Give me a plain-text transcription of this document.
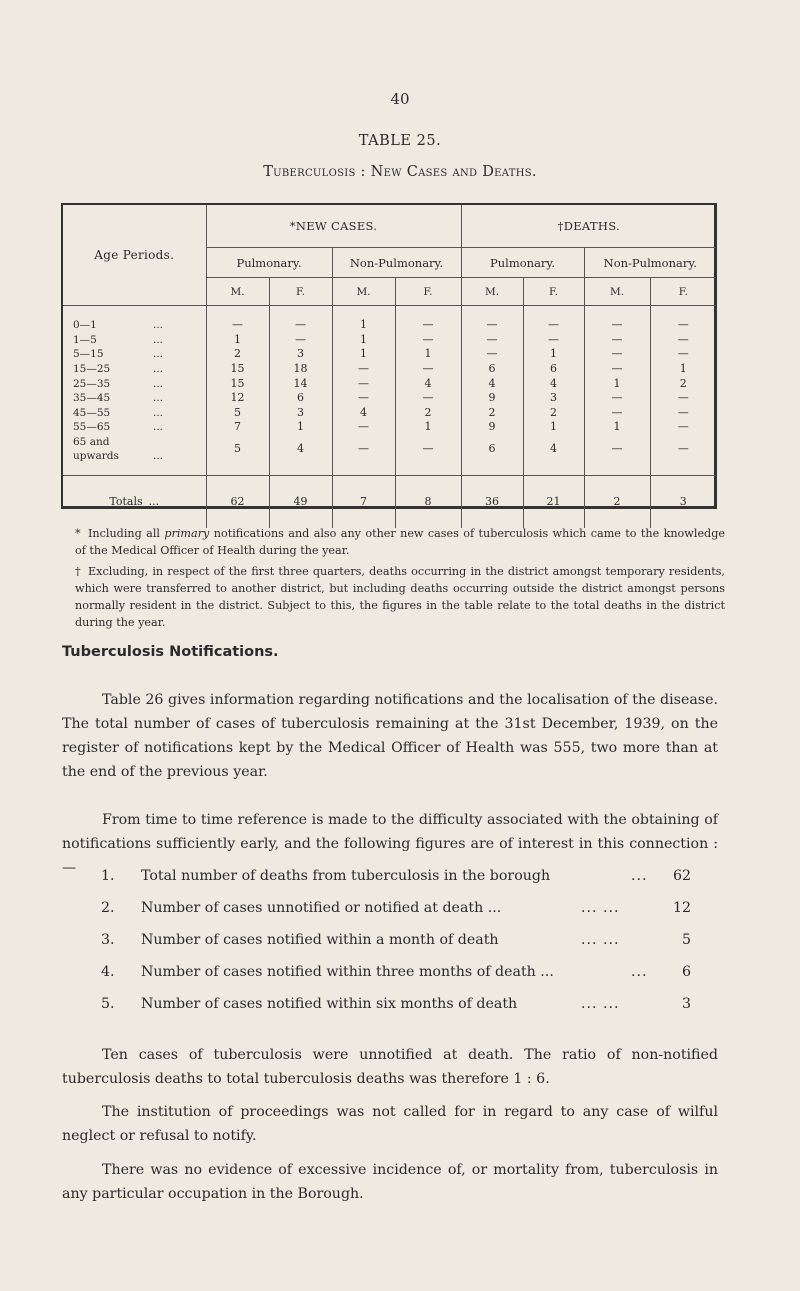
40
TABLE 25.
Tuberculosis : New Cases and Deaths.
Age Periods.	*NEW CASES.				†DEATHS.			
	Pulmonary.		Non-Pulmonary.		Pulmonary.		Non-Pulmonary.	
	M.	F.	M.	F.	M.	F.	M.	F.

0—1 ...	—	—	1	—	—	—	—	—
1—5 ...	1	—	1	—	—	—	—	—
5—15 ...	2	3	1	1	—	1	—	—
15—25 ...	15	18	—	—	6	6	—	1
25—35 ...	15	14	—	4	4	4	1	2
35—45 ...	12	6	—	—	9	3	—	—
45—55 ...	5	3	4	2	2	2	—	—
55—65 ...	7	1	—	1	9	1	1	—
65 and upwards ...	5	4	—	—	6	4	—	—

Totals ...	62	49	7	8	36	21	2	3
* Including all primary notifications and also any other new cases of tuberculosis which came to the knowledge of the Medical Officer of Health during the year.
† Excluding, in respect of the first three quarters, deaths occurring in the district amongst temporary residents, which were transferred to another district, but including deaths occurring outside the district amongst persons normally resident in the district. Subject to this, the figures in the table relate to the total deaths in the district during the year.
Tuberculosis Notifications.
Table 26 gives information regarding notifications and the localisation of the disease. The total number of cases of tuberculosis remaining at the 31st December, 1939, on the register of notifications kept by the Medical Officer of Health was 555, two more than at the end of the previous year.
From time to time reference is made to the difficulty associated with the obtaining of notifications sufficiently early, and the following figures are of interest in this connection :—	1. Total number of deaths from tuberculosis in the borough	... 62
2. Number of cases unnotified or notified at death ...	... ...	12
3. Number of cases notified within a month of death	... ...	5
4. Number of cases notified within three months of death ...	... 6
5. Number of cases notified within six months of death	... ...	3
Ten cases of tuberculosis were unnotified at death. The ratio of non-notified tuberculosis deaths to total tuberculosis deaths was therefore 1 : 6.
The institution of proceedings was not called for in regard to any case of wilful neglect or refusal to notify.
There was no evidence of excessive incidence of, or mortality from, tuberculosis in any particular occupation in the Borough.
